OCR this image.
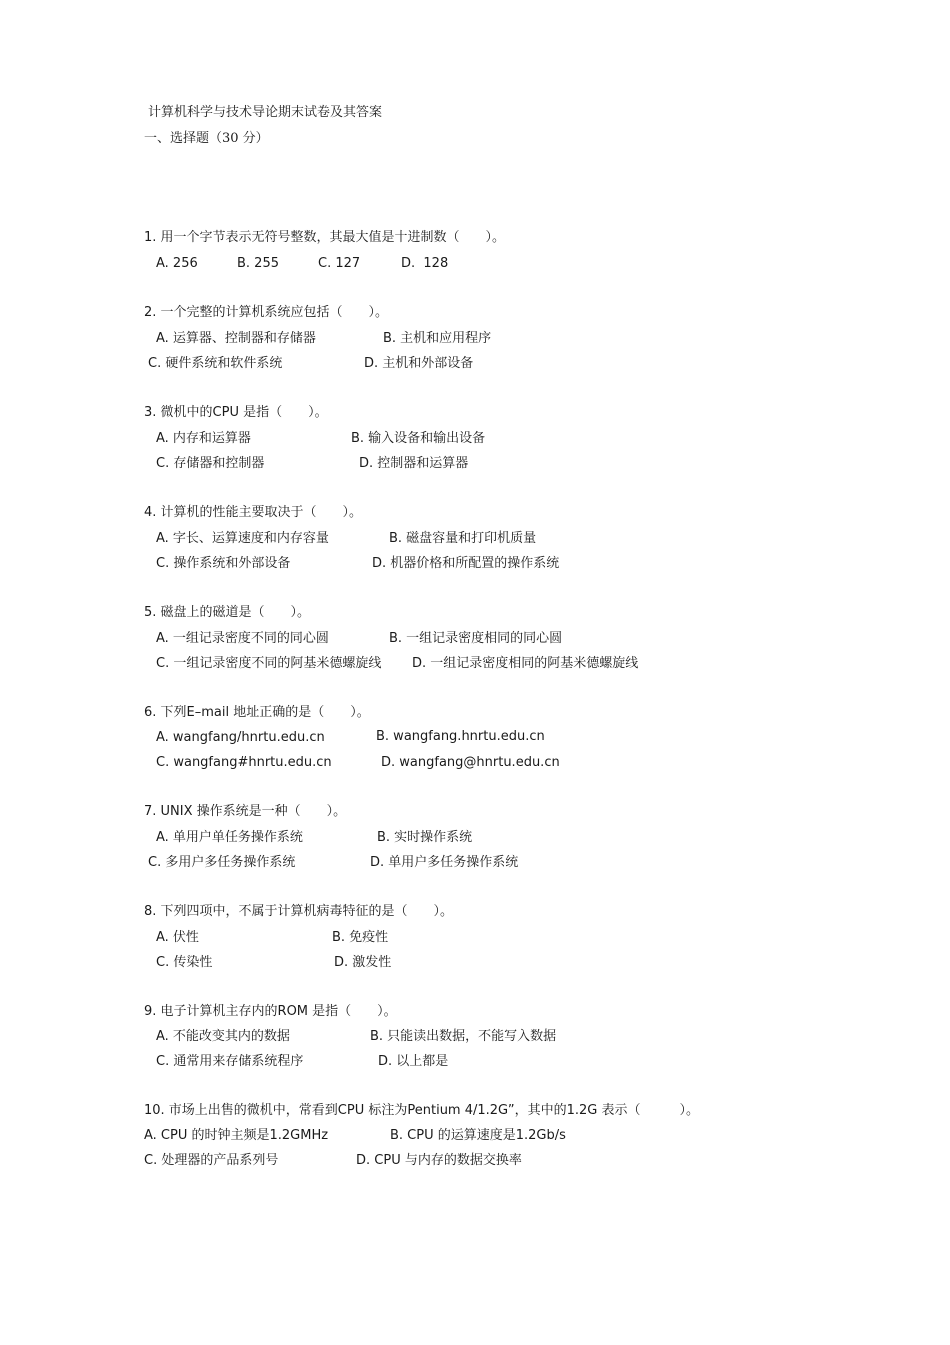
计算机科学与技术导论期末试卷及其答案
一、选择题（30 分）
1. 用一个字节表示无符号整数，其最大值是十进制数（　　）。
A. 256	B. 255	C. 127	D.  128
2. 一个完整的计算机系统应包括（　　）。
A. 运算器、控制器和存储器	B. 主机和应用程序
C. 硬件系统和软件系统	D. 主机和外部设备
3. 微机中的CPU 是指（　　）。
A. 内存和运算器	B. 输入设备和输出设备
C. 存储器和控制器	D. 控制器和运算器
4. 计算机的性能主要取决于（　　）。
A. 字长、运算速度和内存容量	B. 磁盘容量和打印机质量
C. 操作系统和外部设备	D. 机器价格和所配置的操作系统
5. 磁盘上的磁道是（　　）。
A. 一组记录密度不同的同心圆	B. 一组记录密度相同的同心圆
C. 一组记录密度不同的阿基米德螺旋线 D. 一组记录密度相同的阿基米德螺旋线
6. 下列E–mail 地址正确的是（　　）。
A. wangfang/hnrtu.edu.cn	B. wangfang.hnrtu.edu.cn
C. wangfang#hnrtu.edu.cn	D. wangfang@hnrtu.edu.cn
7. UNIX 操作系统是一种（　　）。
A. 单用户单任务操作系统	B. 实时操作系统
C. 多用户多任务操作系统	D. 单用户多任务操作系统
8. 下列四项中，不属于计算机病毒特征的是（　　）。
A. 伏性	B. 免疫性
C. 传染性	D. 激发性
9. 电子计算机主存内的ROM 是指（　　）。
A. 不能改变其内的数据	B. 只能读出数据，不能写入数据
C. 通常用来存储系统程序	D. 以上都是
10. 市场上出售的微机中，常看到CPU 标注为Pentium 4/1.2G”，其中的1.2G 表示（　　　）。
A. CPU 的时钟主频是1.2GMHz	B. CPU 的运算速度是1.2Gb/s
C. 处理器的产品系列号	D. CPU 与内存的数据交换率
